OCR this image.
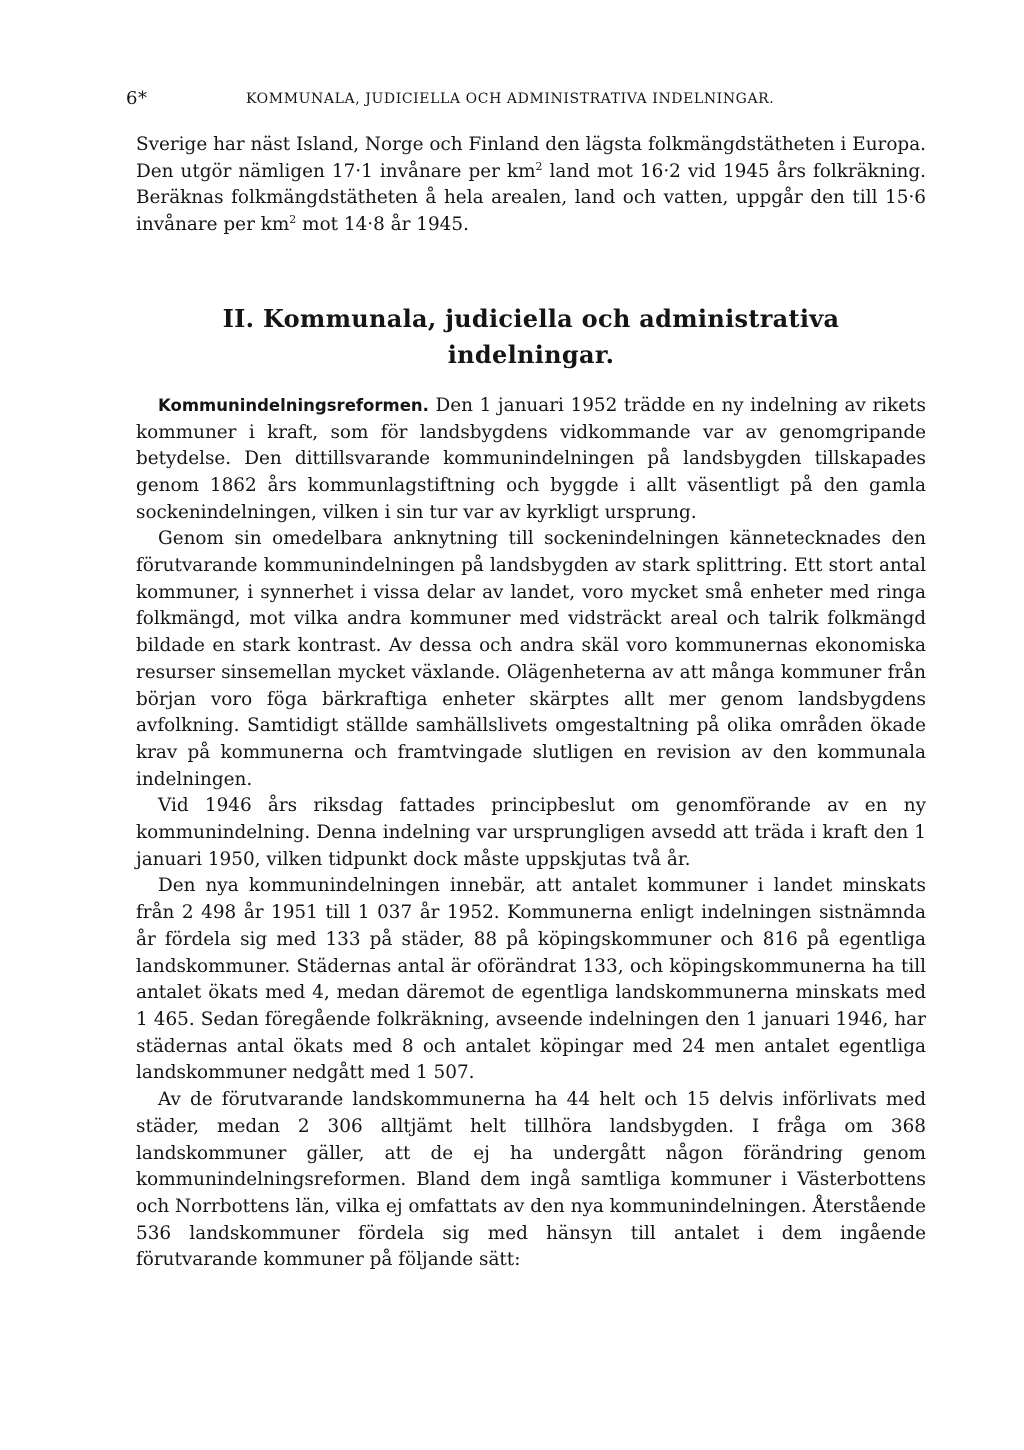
6*	KOMMUNALA, JUDICIELLA OCH ADMINISTRATIVA INDELNINGAR.

Sverige har näst Island, Norge och Finland den lägsta folkmängdstätheten i Europa. Den utgör nämligen 17·1 invånare per $km^2$ land mot 16·2 vid 1945 års folkräkning. Beräknas folkmängdstätheten å hela arealen, land och vatten, uppgår den till 15·6 invånare per $km^2$ mot 14·8 år 1945.

II. Kommunala, judiciella och administrativa
indelningar.

Kommunindelningsreformen. Den 1 januari 1952 trädde en ny indelning av rikets kommuner i kraft, som för landsbygdens vidkommande var av genomgripande betydelse. Den dittillsvarande kommunindelningen på landsbygden tillskapades genom 1862 års kommunlagstiftning och byggde i allt väsentligt på den gamla sockenindelningen, vilken i sin tur var av kyrkligt ursprung.

Genom sin omedelbara anknytning till sockenindelningen kännetecknades den förutvarande kommunindelningen på landsbygden av stark splittring. Ett stort antal kommuner, i synnerhet i vissa delar av landet, voro mycket små enheter med ringa folkmängd, mot vilka andra kommuner med vidsträckt areal och talrik folkmängd bildade en stark kontrast. Av dessa och andra skäl voro kommunernas ekonomiska resurser sinsemellan mycket växlande. Olägenheterna av att många kommuner från början voro föga bärkraftiga enheter skärptes allt mer genom landsbygdens avfolkning. Samtidigt ställde samhällslivets omgestaltning på olika områden ökade krav på kommunerna och framtvingade slutligen en revision av den kommunala indelningen.

Vid 1946 års riksdag fattades principbeslut om genomförande av en ny kommunindelning. Denna indelning var ursprungligen avsedd att träda i kraft den 1 januari 1950, vilken tidpunkt dock måste uppskjutas två år.

Den nya kommunindelningen innebär, att antalet kommuner i landet minskats från 2 498 år 1951 till 1 037 år 1952. Kommunerna enligt indelningen sistnämnda år fördela sig med 133 på städer, 88 på köpingskommuner och 816 på egentliga landskommuner. Städernas antal är oförändrat 133, och köpingskommunerna ha till antalet ökats med 4, medan däremot de egentliga landskommunerna minskats med 1 465. Sedan föregående folkräkning, avseende indelningen den 1 januari 1946, har städernas antal ökats med 8 och antalet köpingar med 24 men antalet egentliga landskommuner nedgått med 1 507.

Av de förutvarande landskommunerna ha 44 helt och 15 delvis införlivats med städer, medan 2 306 alltjämt helt tillhöra landsbygden. I fråga om 368 landskommuner gäller, att de ej ha undergått någon förändring genom kommunindelningsreformen. Bland dem ingå samtliga kommuner i Västerbottens och Norrbottens län, vilka ej omfattats av den nya kommunindelningen. Återstående 536 landskommuner fördela sig med hänsyn till antalet i dem ingående förutvarande kommuner på följande sätt:
